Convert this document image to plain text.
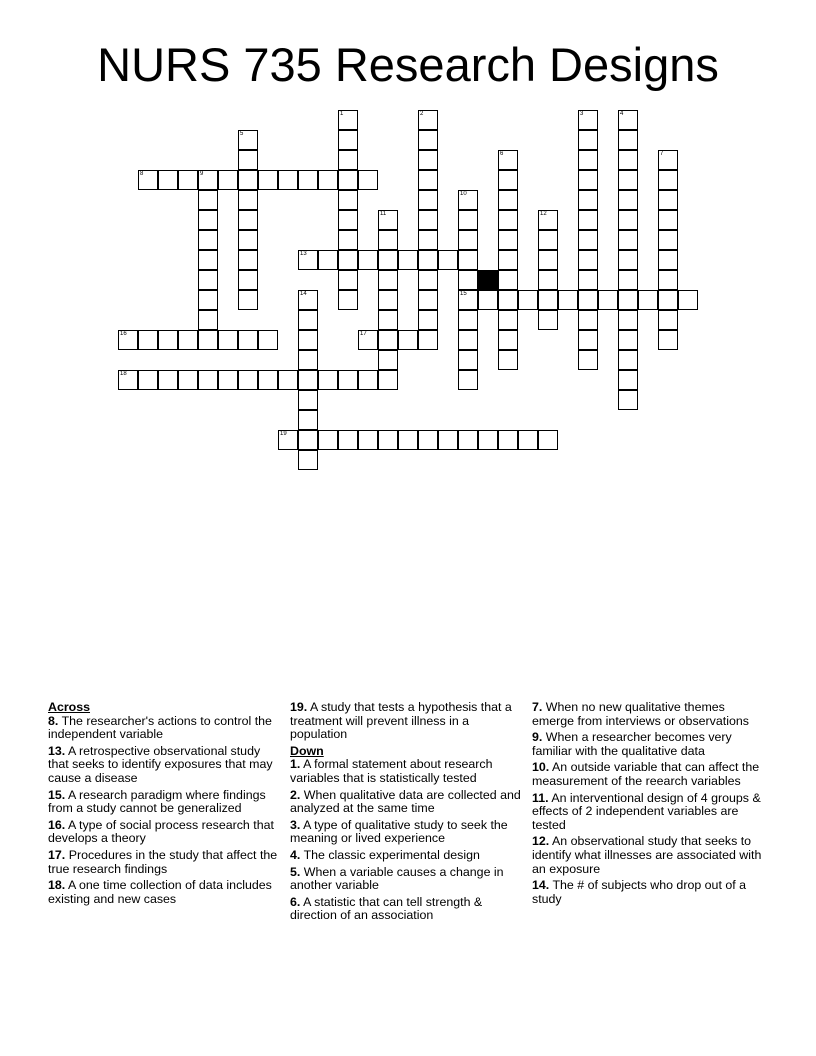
NURS 735 Research Designs
1	2	3	4
5
6	7
8	9
10
15
11	12
13
14
16	17
18
19
Across
8. The researcher's actions to control the independent variable
13. A retrospective observational study that seeks to identify exposures that may cause a disease
15. A research paradigm where findings from a study cannot be generalized
16. A type of social process research that develops a theory
17. Procedures in the study that affect the true research findings
18. A one time collection of data includes existing and new cases
19. A study that tests a hypothesis that a treatment will prevent illness in a population
Down
1. A formal statement about research variables that is statistically tested
2. When qualitative data are collected and analyzed at the same time
3. A type of qualitative study to seek the meaning or lived experience
4. The classic experimental design
5. When a variable causes a change in another variable
6. A statistic that can tell strength & direction of an association
7. When no new qualitative themes emerge from interviews or observations
9. When a researcher becomes very familiar with the qualitative data
10. An outside variable that can affect the measurement of the reearch variables
11. An interventional design of 4 groups & effects of 2 independent variables are tested
12. An observational study that seeks to identify what illnesses are associated with an exposure
14. The # of subjects who drop out of a study
